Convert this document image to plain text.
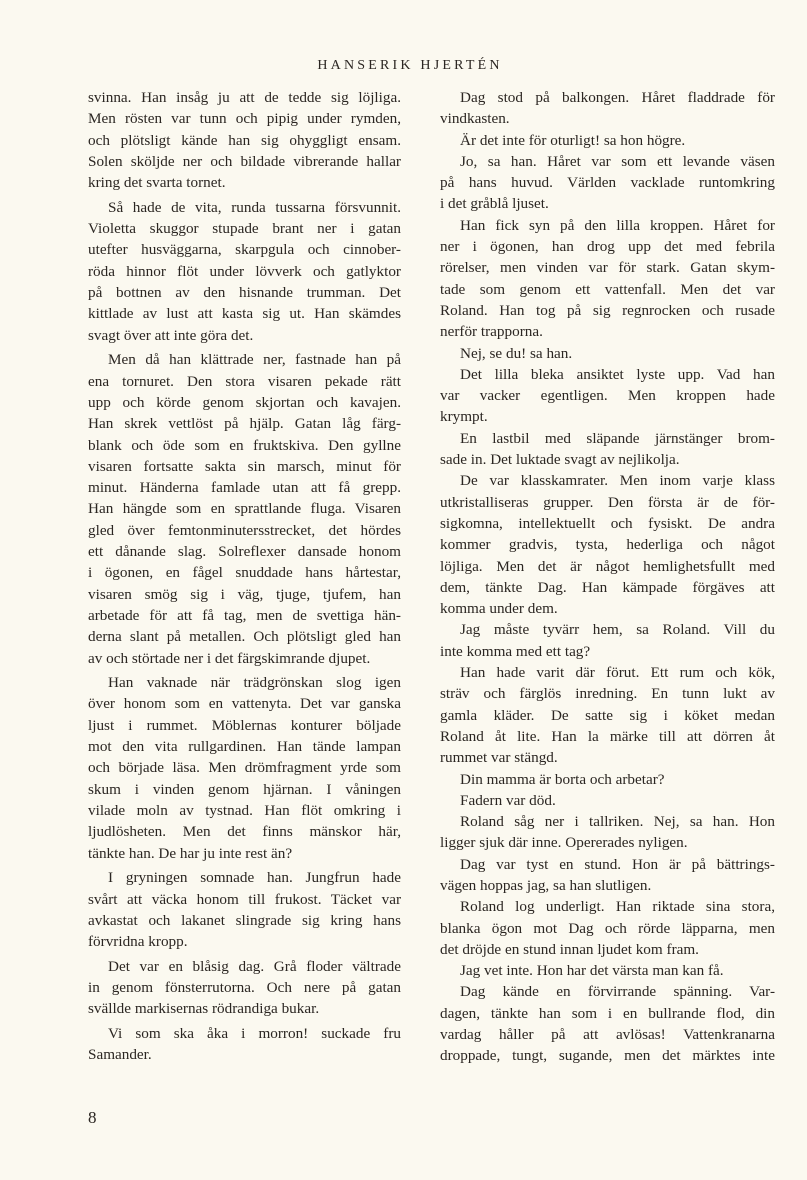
HANSERIK HJERTÉN
svinna. Han insåg ju att de tedde sig löjliga.
Men rösten var tunn och pipig under rymden,
och plötsligt kände han sig ohyggligt ensam.
Solen sköljde ner och bildade vibrerande hallar
kring det svarta tornet.
Så hade de vita, runda tussarna försvunnit.
Violetta skuggor stupade brant ner i gatan
utefter husväggarna, skarpgula och cinnober-
röda hinnor flöt under lövverk och gatlyktor
på bottnen av den hisnande trumman. Det
kittlade av lust att kasta sig ut. Han skämdes
svagt över att inte göra det.
Men då han klättrade ner, fastnade han på
ena tornuret. Den stora visaren pekade rätt
upp och körde genom skjortan och kavajen.
Han skrek vettlöst på hjälp. Gatan låg färg-
blank och öde som en fruktskiva. Den gyllne
visaren fortsatte sakta sin marsch, minut för
minut. Händerna famlade utan att få grepp.
Han hängde som en sprattlande fluga. Visaren
gled över femtonminutersstrecket, det hördes
ett dånande slag. Solreflexer dansade honom
i ögonen, en fågel snuddade hans hårtestar,
visaren smög sig i väg, tjuge, tjufem, han
arbetade för att få tag, men de svettiga hän-
derna slant på metallen. Och plötsligt gled han
av och störtade ner i det färgskimrande djupet.
Han vaknade när trädgrönskan slog igen
över honom som en vattenyta. Det var ganska
ljust i rummet. Möblernas konturer böljade
mot den vita rullgardinen. Han tände lampan
och började läsa. Men drömfragment yrde som
skum i vinden genom hjärnan. I våningen
vilade moln av tystnad. Han flöt omkring i
ljudlösheten. Men det finns mänskor här,
tänkte han. De har ju inte rest än?
I gryningen somnade han. Jungfrun hade
svårt att väcka honom till frukost. Täcket var
avkastat och lakanet slingrade sig kring hans
förvridna kropp.
Det var en blåsig dag. Grå floder vältrade
in genom fönsterrutorna. Och nere på gatan
svällde markisernas rödrandiga bukar.
Vi som ska åka i morron! suckade fru
Samander.
Dag stod på balkongen. Håret fladdrade för
vindkasten.
Är det inte för oturligt! sa hon högre.
Jo, sa han. Håret var som ett levande väsen
på hans huvud. Världen vacklade runtomkring
i det gråblå ljuset.
Han fick syn på den lilla kroppen. Håret for
ner i ögonen, han drog upp det med febrila
rörelser, men vinden var för stark. Gatan skym-
tade som genom ett vattenfall. Men det var
Roland. Han tog på sig regnrocken och rusade
nerför trapporna.
Nej, se du! sa han.
Det lilla bleka ansiktet lyste upp. Vad han
var vacker egentligen. Men kroppen hade
krympt.
En lastbil med släpande järnstänger brom-
sade in. Det luktade svagt av nejlikolja.
De var klasskamrater. Men inom varje klass
utkristalliseras grupper. Den första är de för-
sigkomna, intellektuellt och fysiskt. De andra
kommer gradvis, tysta, hederliga och något
löjliga. Men det är något hemlighetsfullt med
dem, tänkte Dag. Han kämpade förgäves att
komma under dem.
Jag måste tyvärr hem, sa Roland. Vill du
inte komma med ett tag?
Han hade varit där förut. Ett rum och kök,
sträv och färglös inredning. En tunn lukt av
gamla kläder. De satte sig i köket medan
Roland åt lite. Han la märke till att dörren åt
rummet var stängd.
Din mamma är borta och arbetar?
Fadern var död.
Roland såg ner i tallriken. Nej, sa han. Hon
ligger sjuk där inne. Opererades nyligen.
Dag var tyst en stund. Hon är på bättrings-
vägen hoppas jag, sa han slutligen.
Roland log underligt. Han riktade sina stora,
blanka ögon mot Dag och rörde läpparna, men
det dröjde en stund innan ljudet kom fram.
Jag vet inte. Hon har det värsta man kan få.
Dag kände en förvirrande spänning. Var-
dagen, tänkte han som i en bullrande flod, din
vardag håller på att avlösas! Vattenkranarna
droppade, tungt, sugande, men det märktes inte
8
